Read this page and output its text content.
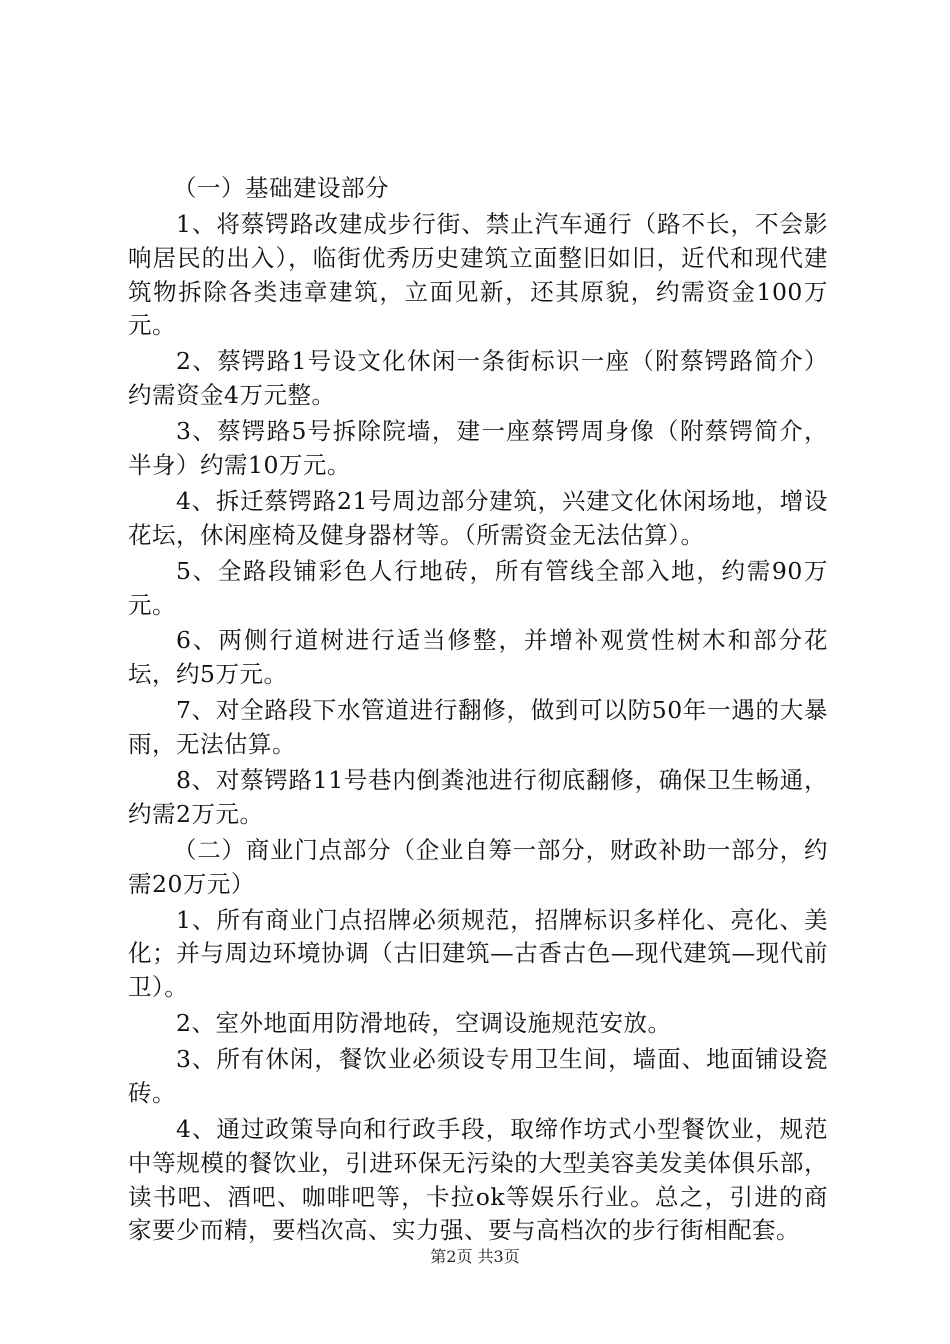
（一）基础建设部分

1、将蔡锷路改建成步行街、禁止汽车通行（路不长，不会影响居民的出入），临街优秀历史建筑立面整旧如旧，近代和现代建筑物拆除各类违章建筑，立面见新，还其原貌，约需资金100万元。

2、蔡锷路1号设文化休闲一条街标识一座（附蔡锷路简介）约需资金4万元整。

3、蔡锷路5号拆除院墙，建一座蔡锷周身像（附蔡锷简介，半身）约需10万元。

4、拆迁蔡锷路21号周边部分建筑，兴建文化休闲场地，增设花坛，休闲座椅及健身器材等。（所需资金无法估算）。

5、全路段铺彩色人行地砖，所有管线全部入地，约需90万元。

6、两侧行道树进行适当修整，并增补观赏性树木和部分花坛，约5万元。

7、对全路段下水管道进行翻修，做到可以防50年一遇的大暴雨，无法估算。

8、对蔡锷路11号巷内倒粪池进行彻底翻修，确保卫生畅通，约需2万元。

（二）商业门点部分（企业自筹一部分，财政补助一部分，约需20万元）

1、所有商业门点招牌必须规范，招牌标识多样化、亮化、美化；并与周边环境协调（古旧建筑—古香古色—现代建筑—现代前卫）。

2、室外地面用防滑地砖，空调设施规范安放。

3、所有休闲，餐饮业必须设专用卫生间，墙面、地面铺设瓷砖。

4、通过政策导向和行政手段，取缔作坊式小型餐饮业，规范中等规模的餐饮业，引进环保无污染的大型美容美发美体俱乐部，读书吧、酒吧、咖啡吧等，卡拉ok等娱乐行业。总之，引进的商家要少而精，要档次高、实力强、要与高档次的步行街相配套。

第2页 共3页
